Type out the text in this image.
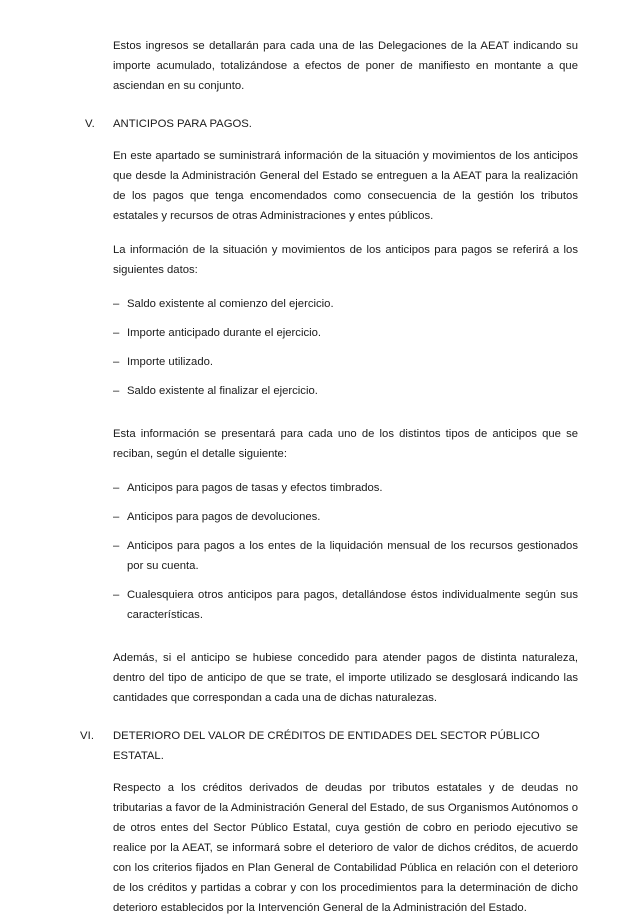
Estos ingresos se detallarán para cada una de las Delegaciones de la AEAT indicando su importe acumulado, totalizándose a efectos de poner de manifiesto en montante a que asciendan en su conjunto.

V.	ANTICIPOS PARA PAGOS.

En este apartado se suministrará información de la situación y movimientos de los anticipos que desde la Administración General del Estado se entreguen a la AEAT para la realización de los pagos que tenga encomendados como consecuencia de la gestión los tributos estatales y recursos de otras Administraciones y entes públicos.

La información de la situación y movimientos de los anticipos para pagos se referirá a los siguientes datos:

– Saldo existente al comienzo del ejercicio.
– Importe anticipado durante el ejercicio.
– Importe utilizado.
– Saldo existente al finalizar el ejercicio.

Esta información se presentará para cada uno de los distintos tipos de anticipos que se reciban, según el detalle siguiente:

– Anticipos para pagos de tasas y efectos timbrados.
– Anticipos para pagos de devoluciones.
– Anticipos para pagos a los entes de la liquidación mensual de los recursos gestionados por su cuenta.
– Cualesquiera otros anticipos para pagos, detallándose éstos individualmente según sus características.

Además, si el anticipo se hubiese concedido para atender pagos de distinta naturaleza, dentro del tipo de anticipo de que se trate, el importe utilizado se desglosará indicando las cantidades que correspondan a cada una de dichas naturalezas.

VI.	DETERIORO DEL VALOR DE CRÉDITOS DE ENTIDADES DEL SECTOR PÚBLICO ESTATAL.

Respecto a los créditos derivados de deudas por tributos estatales y de deudas no tributarias a favor de la Administración General del Estado, de sus Organismos Autónomos o de otros entes del Sector Público Estatal, cuya gestión de cobro en periodo ejecutivo se realice por la AEAT, se informará sobre el deterioro de valor de dichos créditos, de acuerdo con los criterios fijados en Plan General de Contabilidad Pública en relación con el deterioro de los créditos y partidas a cobrar y con los procedimientos para la determinación de dicho deterioro establecidos por la Intervención General de la Administración del Estado.
